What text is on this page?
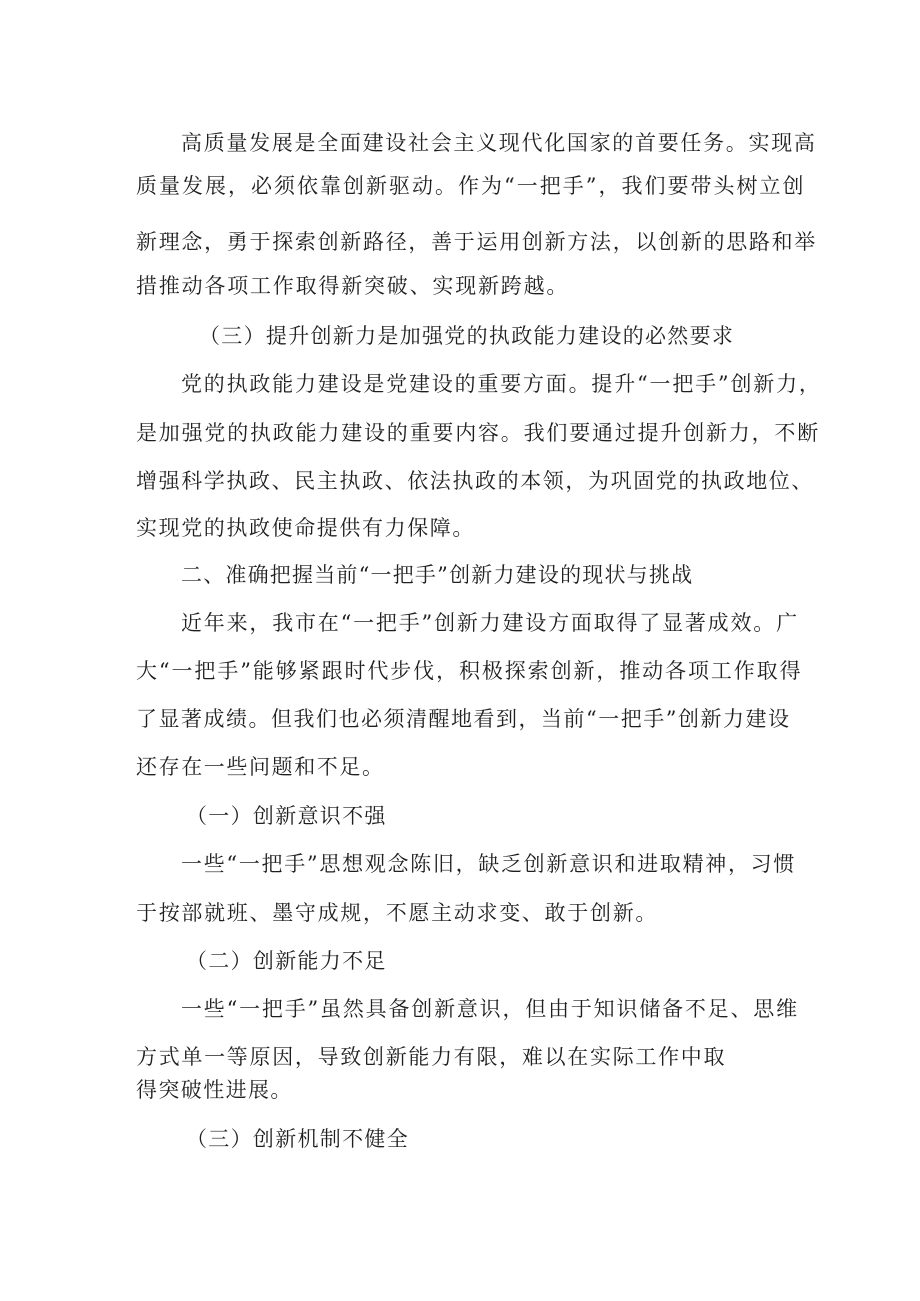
高质量发展是全面建设社会主义现代化国家的首要任务。实现高
质量发展，必须依靠创新驱动。作为“一把手”，我们要带头树立创
新理念，勇于探索创新路径，善于运用创新方法，以创新的思路和举
措推动各项工作取得新突破、实现新跨越。
（三）提升创新力是加强党的执政能力建设的必然要求
党的执政能力建设是党建设的重要方面。提升“一把手”创新力，
是加强党的执政能力建设的重要内容。我们要通过提升创新力，不断
增强科学执政、民主执政、依法执政的本领，为巩固党的执政地位、
实现党的执政使命提供有力保障。
二、准确把握当前“一把手”创新力建设的现状与挑战
近年来，我市在“一把手”创新力建设方面取得了显著成效。广
大“一把手”能够紧跟时代步伐，积极探索创新，推动各项工作取得
了显著成绩。但我们也必须清醒地看到，当前“一把手”创新力建设
还存在一些问题和不足。
（一）创新意识不强
一些“一把手”思想观念陈旧，缺乏创新意识和进取精神，习惯
于按部就班、墨守成规，不愿主动求变、敢于创新。
（二）创新能力不足
一些“一把手”虽然具备创新意识，但由于知识储备不足、思维
方式单一等原因，导致创新能力有限，难以在实际工作中取
得突破性进展。
（三）创新机制不健全
